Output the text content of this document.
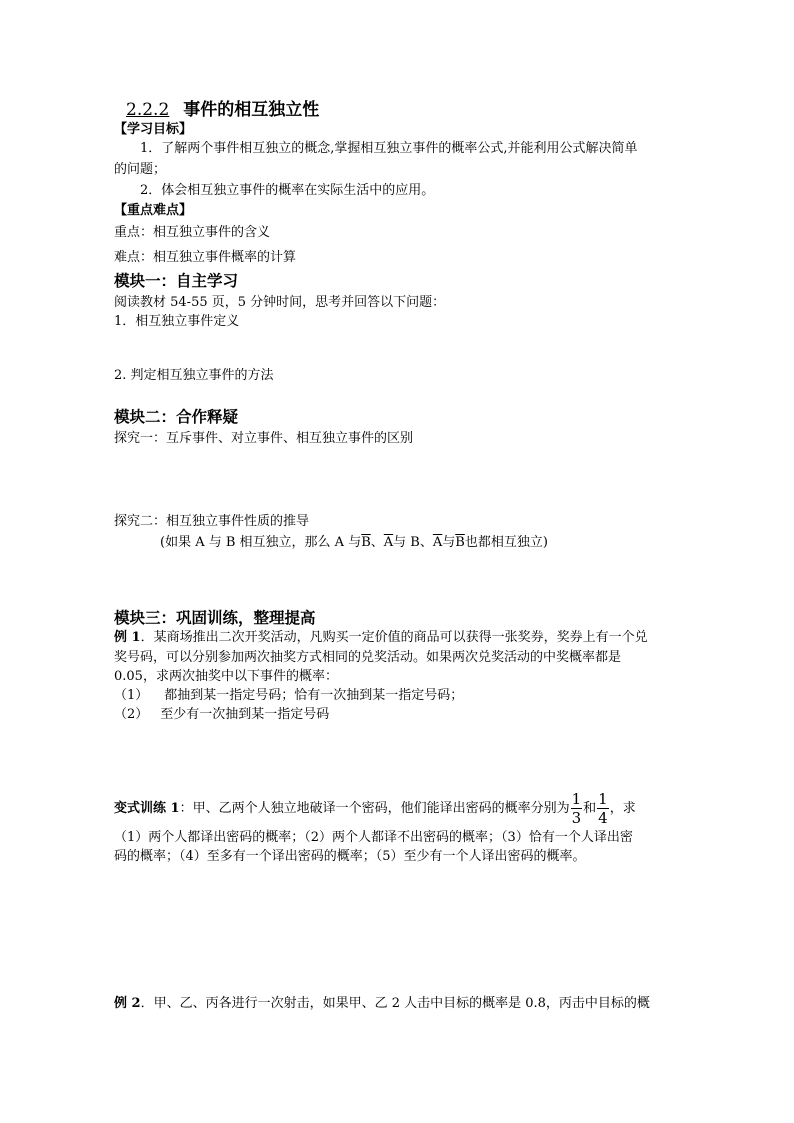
2.2.2 事件的相互独立性
【学习目标】
1．了解两个事件相互独立的概念,掌握相互独立事件的概率公式,并能利用公式解决简单
的问题；
2．体会相互独立事件的概率在实际生活中的应用。
【重点难点】
重点：相互独立事件的含义
难点：相互独立事件概率的计算
模块一：自主学习
阅读教材 54-55 页，5 分钟时间，思考并回答以下问题：
1．相互独立事件定义
2. 判定相互独立事件的方法
模块二：合作释疑
探究一：互斥事件、对立事件、相互独立事件的区别
探究二：相互独立事件性质的推导
(如果 A 与 B 相互独立，那么 A 与$\overline{B}$、$\overline{A}$与 B、$\overline{A}$与$\overline{B}$也都相互独立)
模块三：巩固训练，整理提高
例 1．某商场推出二次开奖活动，凡购买一定价值的商品可以获得一张奖券，奖券上有一个兑
奖号码，可以分别参加两次抽奖方式相同的兑奖活动。如果两次兑奖活动的中奖概率都是
0.05，求两次抽奖中以下事件的概率：
（1） 都抽到某一指定号码；恰有一次抽到某一指定号码；
（2） 至少有一次抽到某一指定号码
变式训练 1：甲、乙两个人独立地破译一个密码，他们能译出密码的概率分别为 $\frac{1}{3}$ 和 $\frac{1}{4}$ ，求
（1）两个人都译出密码的概率；（2）两个人都译不出密码的概率；（3）恰有一个人译出密
码的概率；（4）至多有一个译出密码的概率；（5）至少有一个人译出密码的概率。
例 2．甲、乙、丙各进行一次射击，如果甲、乙 2 人击中目标的概率是 0.8，丙击中目标的概
